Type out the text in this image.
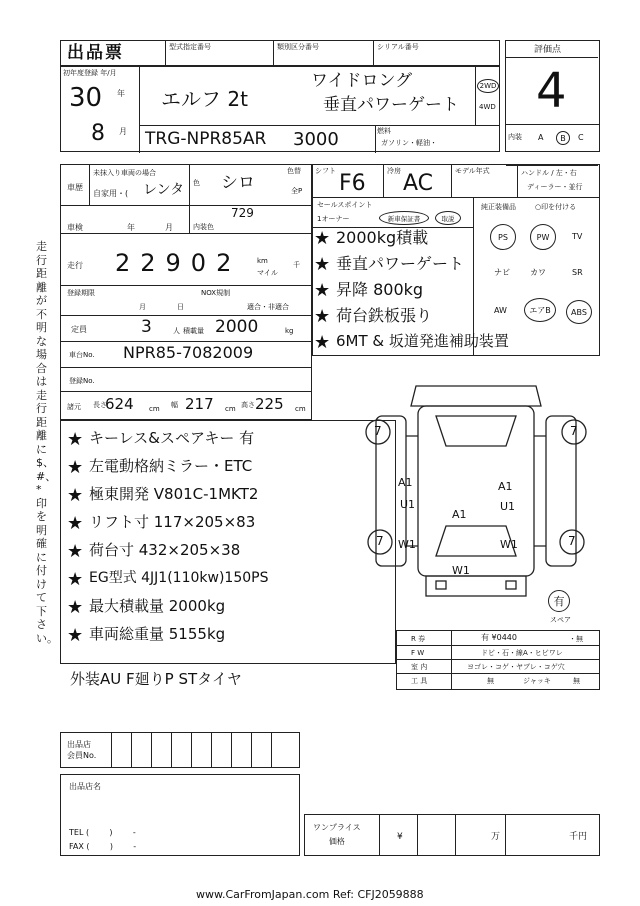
出品票	型式指定番号	類別区分番号	シリアル番号	評価点
4
初年度登録 年/月
30 年
8 月
エルフ 2t
ワイドロング
垂直パワーゲート
2WD
4WD
TRG-NPR85AR 3000	燃料
ガソリン・軽油・
内装 A	B	C
走行距離が不明な場合は走行距離に$、#、*印を明確に付けて下さい。
車歴
未抹入り車両の場合
自家用・( レンタ 色 シロ
色替
全P
729
車検	年	月	内装色
走行 22902 km
マイル
千
登録期限	NOX規制
月	日	適合・非適合
定員	3	人 積載量 2000	kg
車台No. NPR85-7082009
登録No.
諸元 長さ
624 cm 幅 217 cm 高さ 225 cm
シフト F6	冷房 AC	モデル年式	ハンドル / 左・右
ディーラー・並行
セールスポイント
1オーナー	新車保証書	取説
純正装備品	○印を付ける
★ 2000kg積載
★ 垂直パワーゲート
★ 昇降 800kg
★ 荷台鉄板張り
★ 6MT & 坂道発進補助装置
PS	PW	TV
ナビ	カワ	SR
AW	エアB	ABS
★ キーレス&スペアキー 有
★ 左電動格納ミラー・ETC
★ 極東開発 V801C-1MKT2
★ リフト寸 117×205×83
★ 荷台寸 432×205×38
★ EG型式 4JJ1(110kw)150PS
★ 最大積載量 2000kg
★ 車両総重量 5155kg
7	7
7	7
A1
U1
A1
U1
A1
W1	W1
W1
有
スペア
R 券	有 ¥0440	・無
F W	ドビ・石・線A・ヒビワレ
室 内	ヨゴレ・コゲ・ヤブレ・コゲ穴
工 具	無	ジャッキ	無
外装AU F廻りP STタイヤ
出品店
会員No.
出品店名
TEL (        )        -
FAX (        )        -
ワンプライス
価格	¥	万	千円
www.CarFromJapan.com Ref: CFJ2059888
